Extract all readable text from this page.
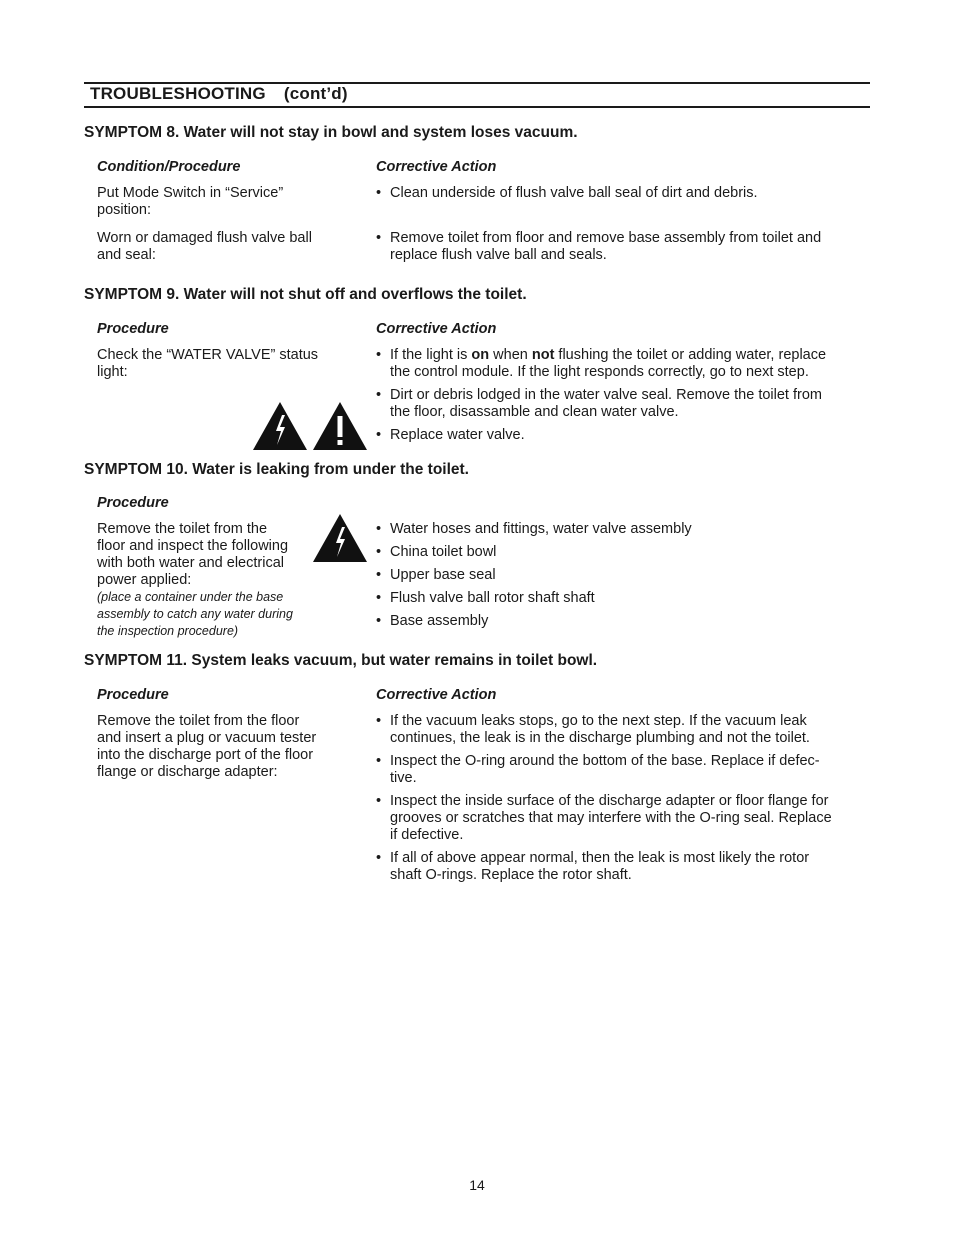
TROUBLESHOOTING (cont’d)
SYMPTOM 8. Water will not stay in bowl and system loses vacuum.
Condition/Procedure	Corrective Action
Put Mode Switch in “Service”
position:
• Clean underside of flush valve ball seal of dirt and debris.
Worn or damaged flush valve ball
and seal:
• Remove toilet from floor and remove base assembly from toilet and
replace flush valve ball and seals.
SYMPTOM 9. Water will not shut off and overflows the toilet.
Procedure	Corrective Action
Check the “WATER VALVE” status
light:
• If the light is on when not flushing the toilet or adding water, replace
the control module. If the light responds correctly, go to next step.
• Dirt or debris lodged in the water valve seal. Remove the toilet from
the floor, disassamble and clean water valve.
• Replace water valve.
SYMPTOM 10. Water is leaking from under the toilet.
Procedure
Remove the toilet from the
floor and inspect the following
with both water and electrical
power applied:
(place a container under the base
assembly to catch any water during
the inspection procedure)
• Water hoses and fittings, water valve assembly
• China toilet bowl
• Upper base seal
• Flush valve ball rotor shaft shaft
• Base assembly
SYMPTOM 11. System leaks vacuum, but water remains in toilet bowl.
Procedure	Corrective Action
Remove the toilet from the floor
and insert a plug or vacuum tester
into the discharge port of the floor
flange or discharge adapter:
• If the vacuum leaks stops, go to the next step. If the vacuum leak
continues, the leak is in the discharge plumbing and not the toilet.
• Inspect the O-ring around the bottom of the base. Replace if defec-
tive.
• Inspect the inside surface of the discharge adapter or floor flange for
grooves or scratches that may interfere with the O-ring seal. Replace
if defective.
• If all of above appear normal, then the leak is most likely the rotor
shaft O-rings. Replace the rotor shaft.
14
